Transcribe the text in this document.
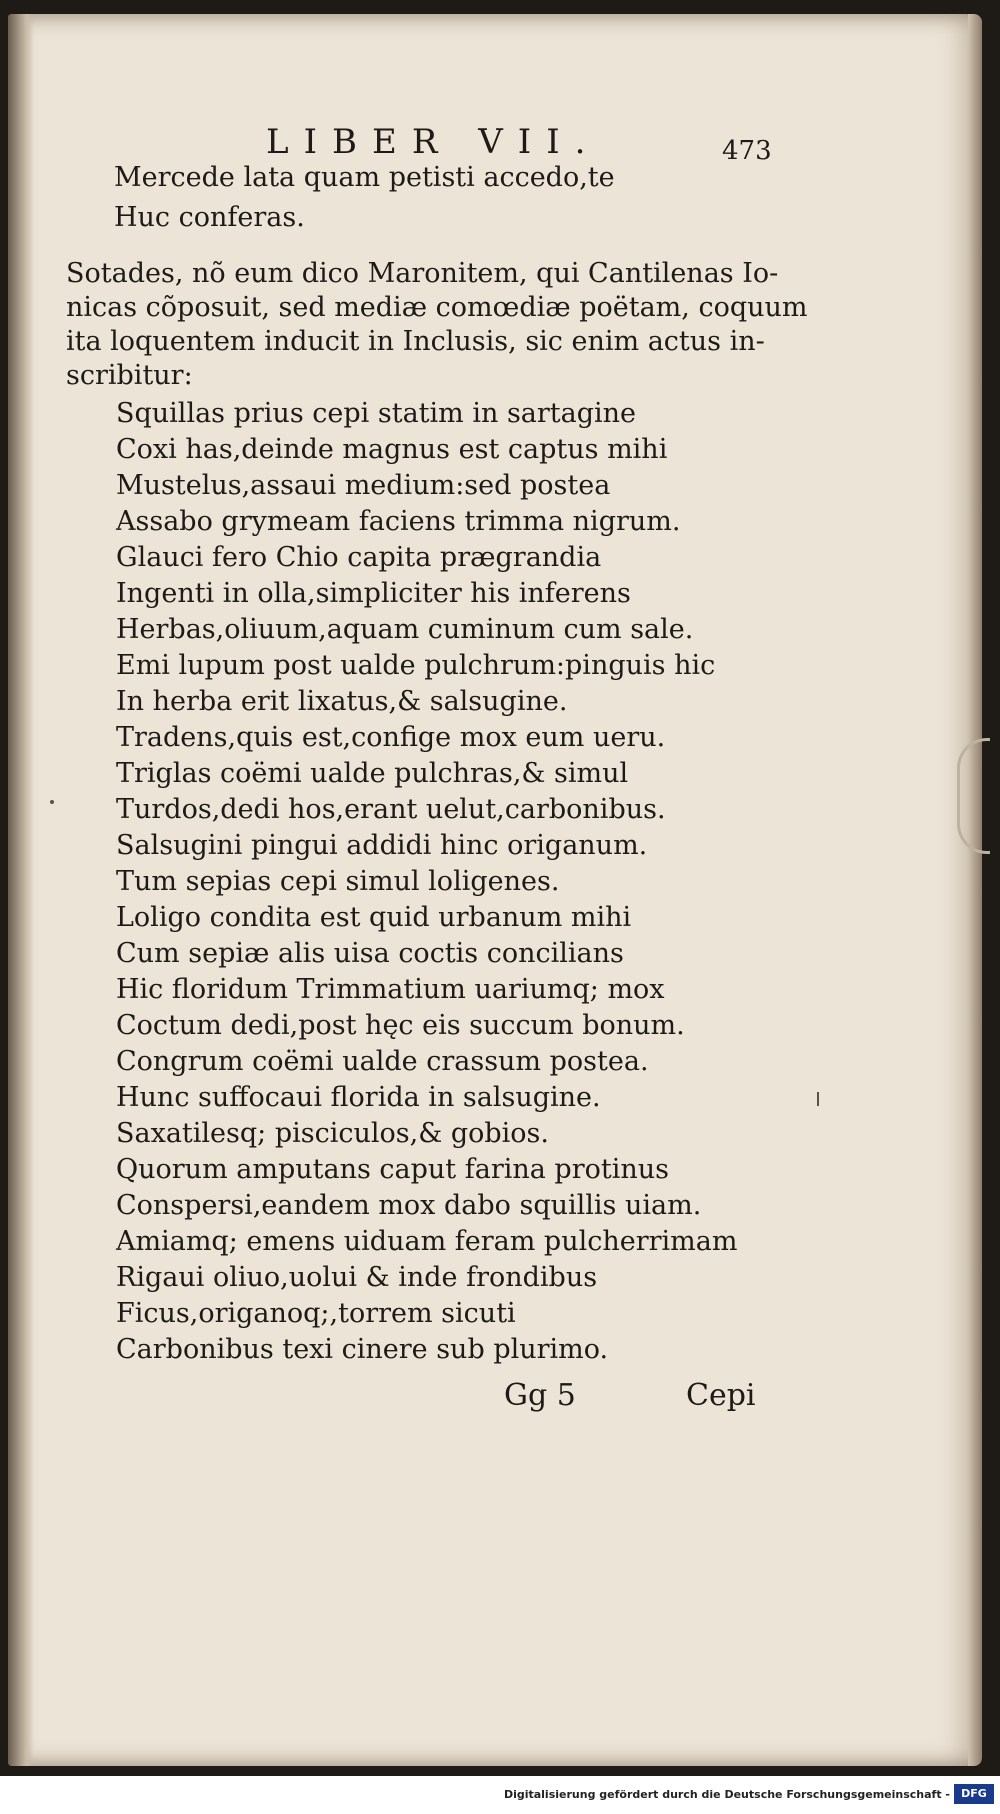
LIBER VII.	473
Mercede lata quam petisti accedo,te
Huc conferas.
Sotades, nõ eum dico Maronitem, qui Cantilenas Io-
nicas cõposuit, sed mediæ comœdiæ poëtam, coquum
ita loquentem inducit in Inclusis, sic enim actus in-
scribitur:
Squillas prius cepi statim in sartagine
Coxi has,deinde magnus est captus mihi
Mustelus,assaui medium:sed postea
Assabo grymeam faciens trimma nigrum.
Glauci fero Chio capita prægrandia
Ingenti in olla,simpliciter his inferens
Herbas,oliuum,aquam cuminum cum sale.
Emi lupum post ualde pulchrum:pinguis hic
In herba erit lixatus,& salsugine.
Tradens,quis est,confige mox eum ueru.
Triglas coëmi ualde pulchras,& simul
Turdos,dedi hos,erant uelut,carbonibus.
Salsugini pingui addidi hinc origanum.
Tum sepias cepi simul loligenes.
Loligo condita est quid urbanum mihi
Cum sepiæ alis uisa coctis concilians
Hic floridum Trimmatium uariumq; mox
Coctum dedi,post hęc eis succum bonum.
Congrum coëmi ualde crassum postea.
Hunc suffocaui florida in salsugine.
Saxatilesq; pisciculos,& gobios.
Quorum amputans caput farina protinus
Conspersi,eandem mox dabo squillis uiam.
Amiamq; emens uiduam feram pulcherrimam
Rigaui oliuo,uolui & inde frondibus
Ficus,origanoq;,torrem sicuti
Carbonibus texi cinere sub plurimo.
Gg 5	Cepi
Digitalisierung gefördert durch die Deutsche Forschungsgemeinschaft -	DFG
